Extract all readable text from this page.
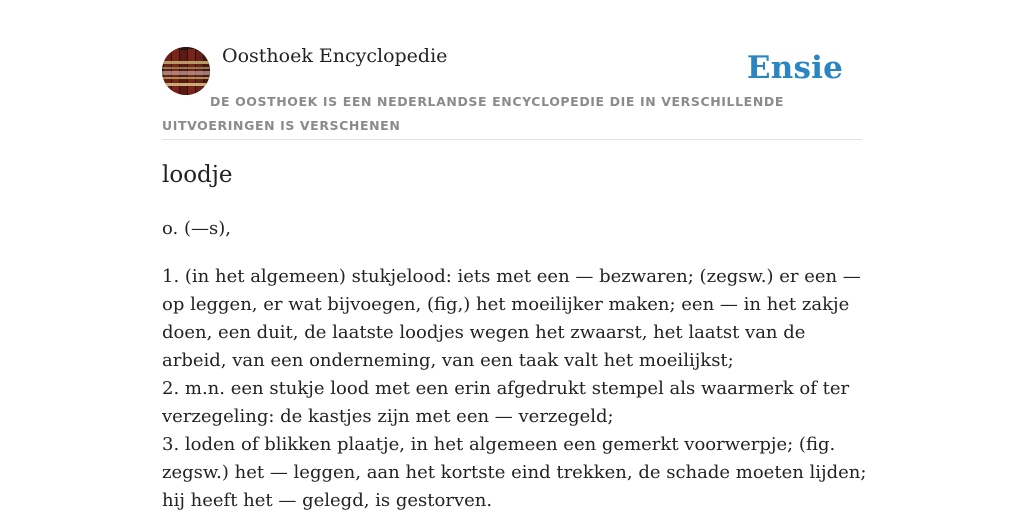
Oosthoek Encyclopedie	Ensie

DE OOSTHOEK IS EEN NEDERLANDSE ENCYCLOPEDIE DIE IN VERSCHILLENDE UITVOERINGEN IS VERSCHENEN

loodje

o. (—s),

1. (in het algemeen) stukjelood: iets met een — bezwaren; (zegsw.) er een — op leggen, er wat bijvoegen, (fig,) het moeilijker maken; een — in het zakje doen, een duit, de laatste loodjes wegen het zwaarst, het laatst van de arbeid, van een onderneming, van een taak valt het moeilijkst;
2. m.n. een stukje lood met een erin afgedrukt stempel als waarmerk of ter verzegeling: de kastjes zijn met een — verzegeld;
3. loden of blikken plaatje, in het algemeen een gemerkt voorwerpje; (fig. zegsw.) het — leggen, aan het kortste eind trekken, de schade moeten lijden; hij heeft het — gelegd, is gestorven.
